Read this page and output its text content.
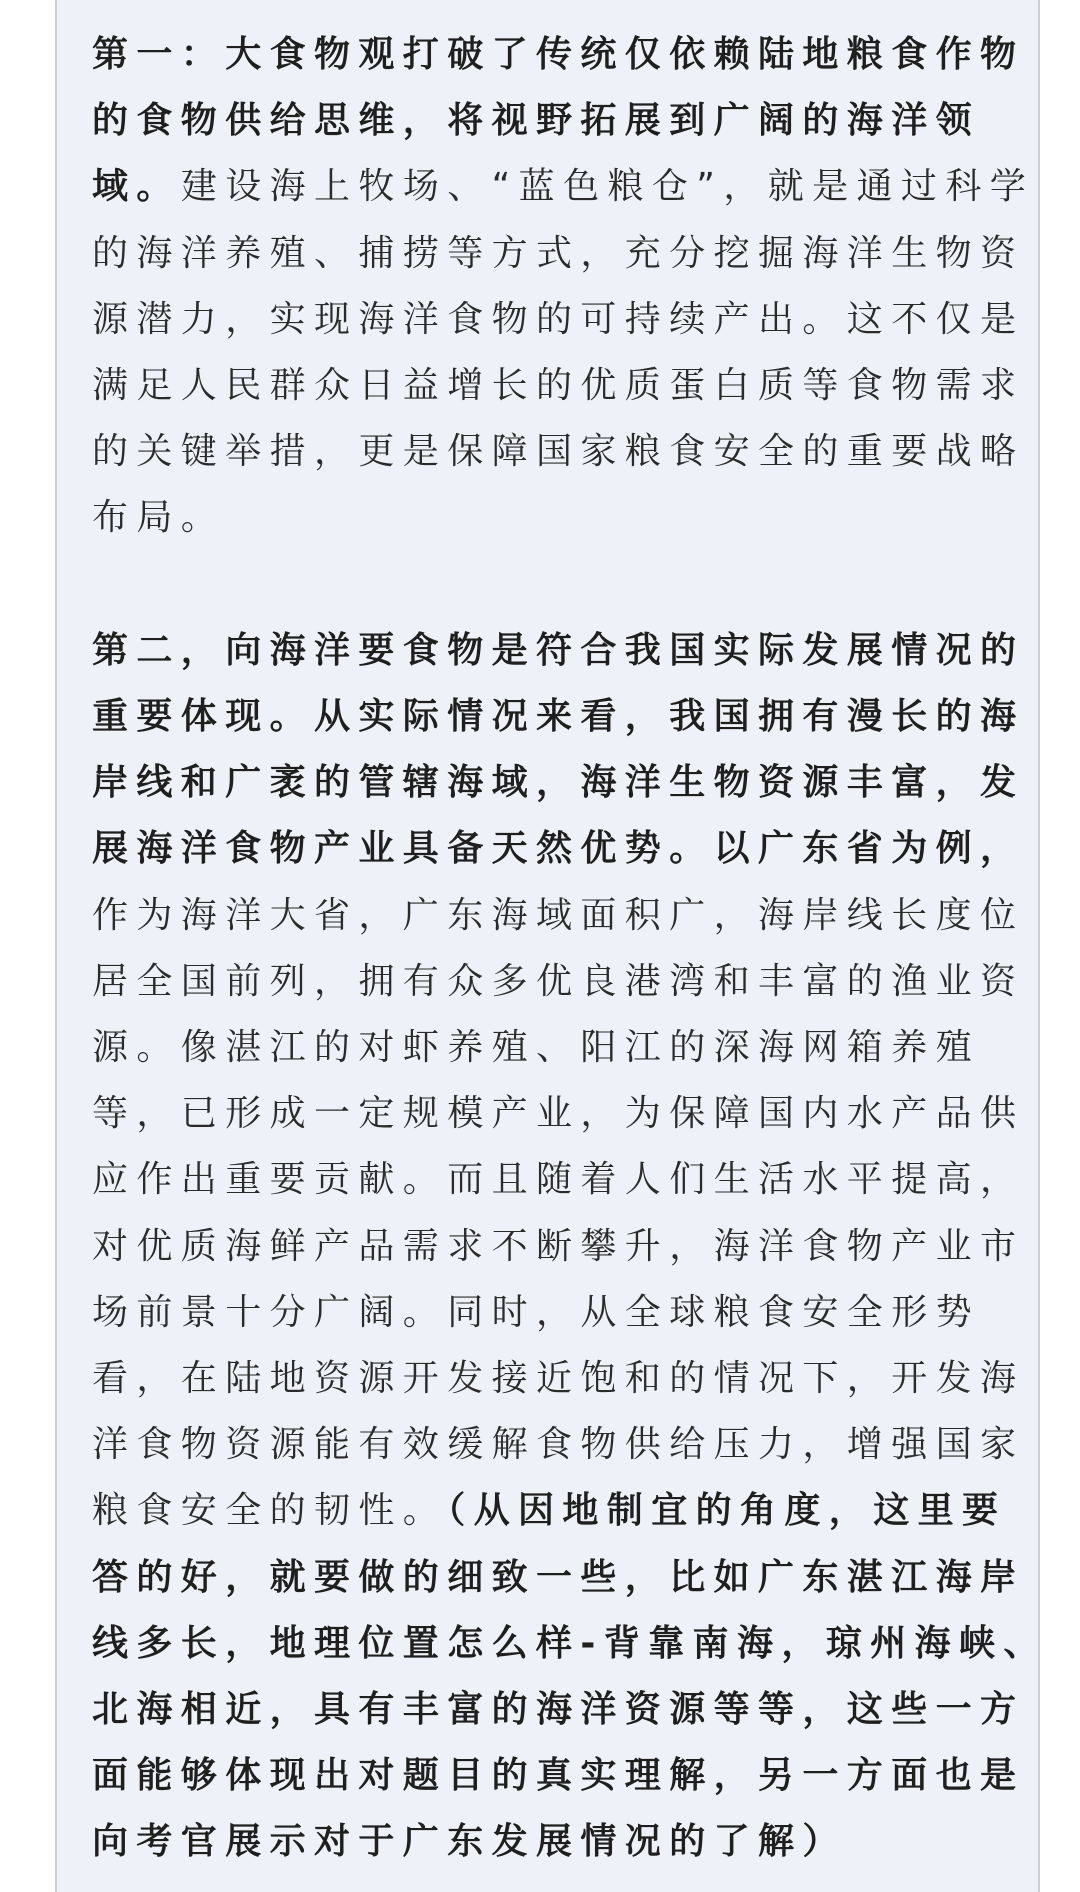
第一：大食物观打破了传统仅依赖陆地粮食作物
的食物供给思维，将视野拓展到广阔的海洋领
域。建设海上牧场、“蓝色粮仓”，就是通过科学
的海洋养殖、捕捞等方式，充分挖掘海洋生物资
源潜力，实现海洋食物的可持续产出。这不仅是
满足人民群众日益增长的优质蛋白质等食物需求
的关键举措，更是保障国家粮食安全的重要战略
布局。
第二，向海洋要食物是符合我国实际发展情况的
重要体现。从实际情况来看，我国拥有漫长的海
岸线和广袤的管辖海域，海洋生物资源丰富，发
展海洋食物产业具备天然优势。以广东省为例，
作为海洋大省，广东海域面积广，海岸线长度位
居全国前列，拥有众多优良港湾和丰富的渔业资
源。像湛江的对虾养殖、阳江的深海网箱养殖
等，已形成一定规模产业，为保障国内水产品供
应作出重要贡献。而且随着人们生活水平提高，
对优质海鲜产品需求不断攀升，海洋食物产业市
场前景十分广阔。同时，从全球粮食安全形势
看，在陆地资源开发接近饱和的情况下，开发海
洋食物资源能有效缓解食物供给压力，增强国家
粮食安全的韧性。（从因地制宜的角度，这里要
答的好，就要做的细致一些，比如广东湛江海岸
线多长，地理位置怎么样-背靠南海，琼州海峡、
北海相近，具有丰富的海洋资源等等，这些一方
面能够体现出对题目的真实理解，另一方面也是
向考官展示对于广东发展情况的了解）
